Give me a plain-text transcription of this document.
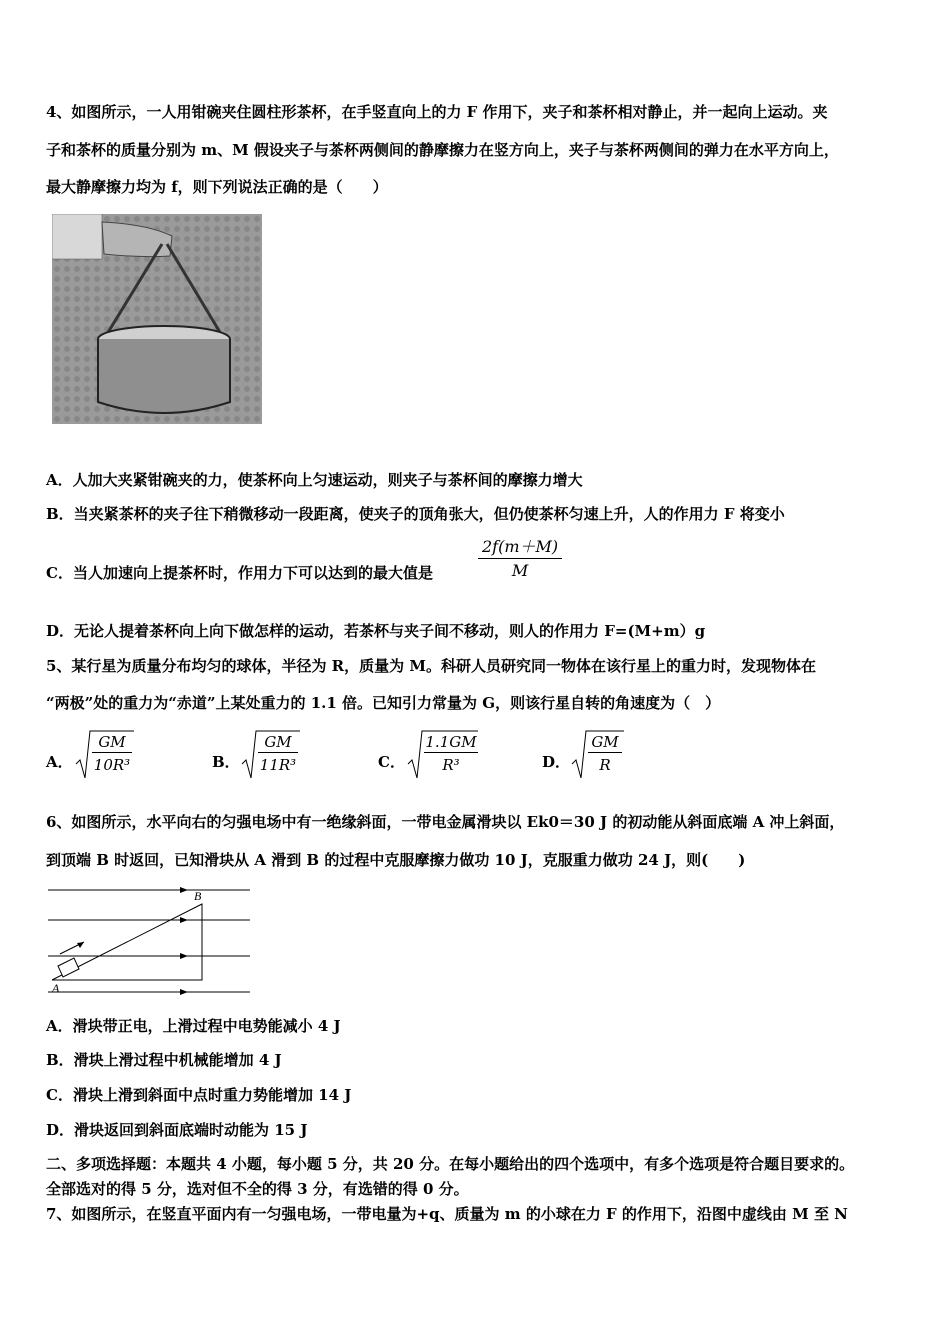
4、如图所示，一人用钳碗夹住圆柱形茶杯，在手竖直向上的力 F 作用下，夹子和茶杯相对静止，并一起向上运动。夹
子和茶杯的质量分别为 m、M 假设夹子与茶杯两侧间的静摩擦力在竖方向上，夹子与茶杯两侧间的弹力在水平方向上，
最大静摩擦力均为 f，则下列说法正确的是（　　）
A．人加大夹紧钳碗夹的力，使茶杯向上匀速运动，则夹子与茶杯间的摩擦力增大
B．当夹紧茶杯的夹子往下稍微移动一段距离，使夹子的顶角张大，但仍使茶杯匀速上升，人的作用力 F 将变小
C．当人加速向上提茶杯时，作用力下可以达到的最大值是	$\frac{2f(m+M)}{M}$
D．无论人提着茶杯向上向下做怎样的运动，若茶杯与夹子间不移动，则人的作用力 F=(M+m）g
5、某行星为质量分布均匀的球体，半径为 R，质量为 M。科研人员研究同一物体在该行星上的重力时，发现物体在
“两极”处的重力为“赤道”上某处重力的 1.1 倍。已知引力常量为 G，则该行星自转的角速度为（　）
A． $\frac{GM}{\text{10R³}}$	B． $\frac{GM}{\text{11R³}}$	C． $\frac{1.1GM}{\text{R³}}$	D． $\frac{GM}{R}$
6、如图所示，水平向右的匀强电场中有一绝缘斜面，一带电金属滑块以 Ek0＝30 J 的初动能从斜面底端 A 冲上斜面，
到顶端 B 时返回，已知滑块从 A 滑到 B 的过程中克服摩擦力做功 10 J，克服重力做功 24 J，则(　　)
A
B
A．滑块带正电，上滑过程中电势能减小 4 J
B．滑块上滑过程中机械能增加 4 J
C．滑块上滑到斜面中点时重力势能增加 14 J
D．滑块返回到斜面底端时动能为 15 J
二、多项选择题：本题共 4 小题，每小题 5 分，共 20 分。在每小题给出的四个选项中，有多个选项是符合题目要求的。
全部选对的得 5 分，选对但不全的得 3 分，有选错的得 0 分。
7、如图所示，在竖直平面内有一匀强电场，一带电量为+q、质量为 m 的小球在力 F 的作用下，沿图中虚线由 M 至 N
